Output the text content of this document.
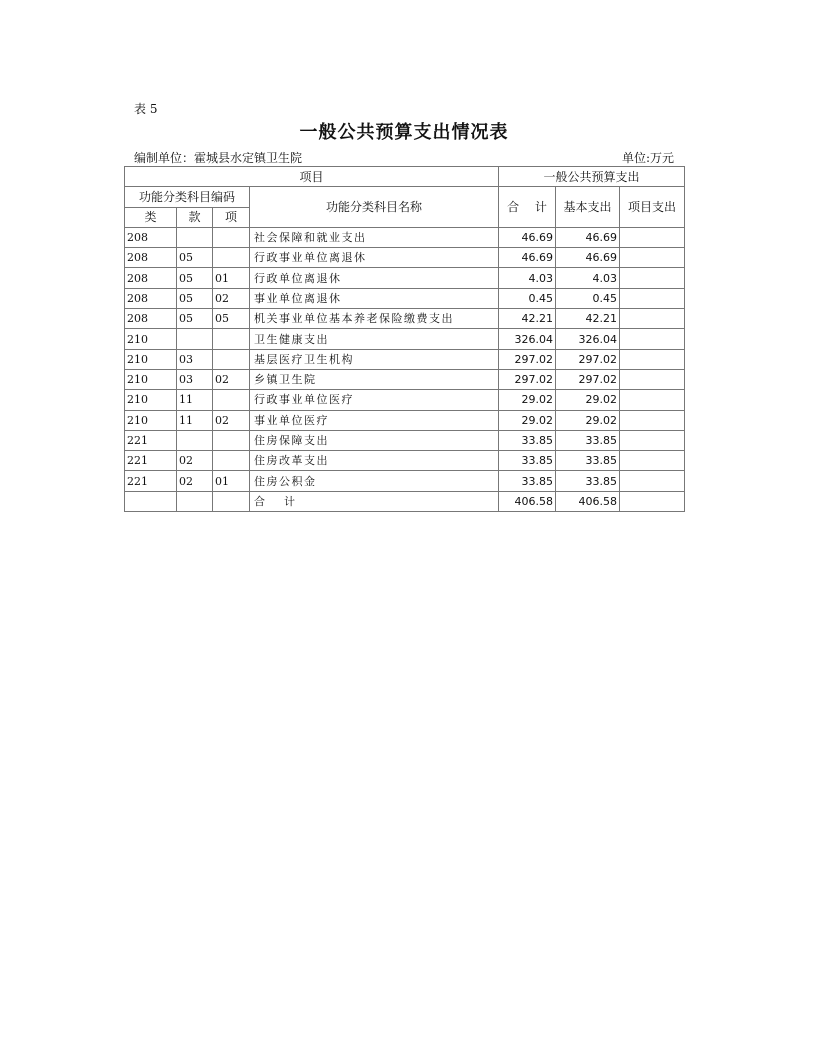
表 5
一般公共预算支出情况表
编制单位：霍城县水定镇卫生院	单位:万元
项目				一般公共预算支出		
功能分类科目编码			功能分类科目名称	合　 计	基本支出	项目支出
类	款	项				
208			社会保障和就业支出	46.69	46.69	
208	05		行政事业单位离退休	46.69	46.69	
208	05	01	行政单位离退休	4.03	4.03	
208	05	02	事业单位离退休	0.45	0.45	
208	05	05	机关事业单位基本养老保险缴费支出	42.21	42.21	
210			卫生健康支出	326.04	326.04	
210	03		基层医疗卫生机构	297.02	297.02	
210	03	02	乡镇卫生院	297.02	297.02	
210	11		行政事业单位医疗	29.02	29.02	
210	11	02	事业单位医疗	29.02	29.02	
221			住房保障支出	33.85	33.85	
221	02		住房改革支出	33.85	33.85	
221	02	01	住房公积金	33.85	33.85	
			合　 计	406.58	406.58	
